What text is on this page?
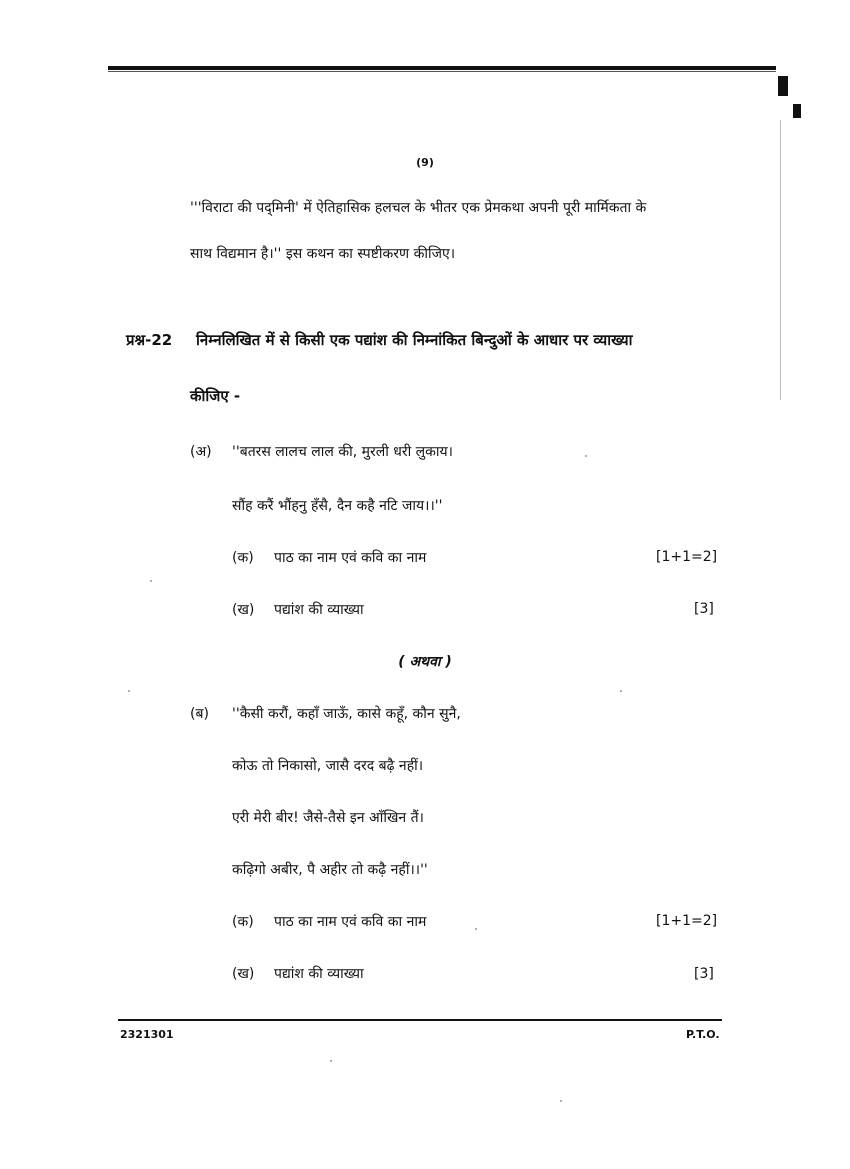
(9)
'''विराटा की पद्‌मिनी' में ऐतिहासिक हलचल के भीतर एक प्रेमकथा अपनी पूरी मार्मिकता के
साथ विद्यमान है।'' इस कथन का स्पष्टीकरण कीजिए।
प्रश्न-22 निम्नलिखित में से किसी एक पद्यांश की निम्नांकित बिन्दुओं के आधार पर व्याख्या
कीजिए -
(अ) ''बतरस लालच लाल की, मुरली धरी लुकाय।
सौंह करैं भौंहनु हँसै, दैन कहै नटि जाय।।''
(क) पाठ का नाम एवं कवि का नाम	[1+1=2]
(ख) पद्यांश की व्याख्या	[3]
( अथवा )
(ब) ''कैसी करौं, कहाँ जाऊँ, कासे कहूँ, कौन सुनै,
कोऊ तो निकासो, जासै दरद बढ़ै नहीं।
एरी मेरी बीर! जैसे-तैसे इन आँखिन तैं।
कढ़िगो अबीर, पै अहीर तो कढ़ै नहीं।।''
(क) पाठ का नाम एवं कवि का नाम	[1+1=2]
(ख) पद्यांश की व्याख्या	[3]
2321301	P.T.O.
